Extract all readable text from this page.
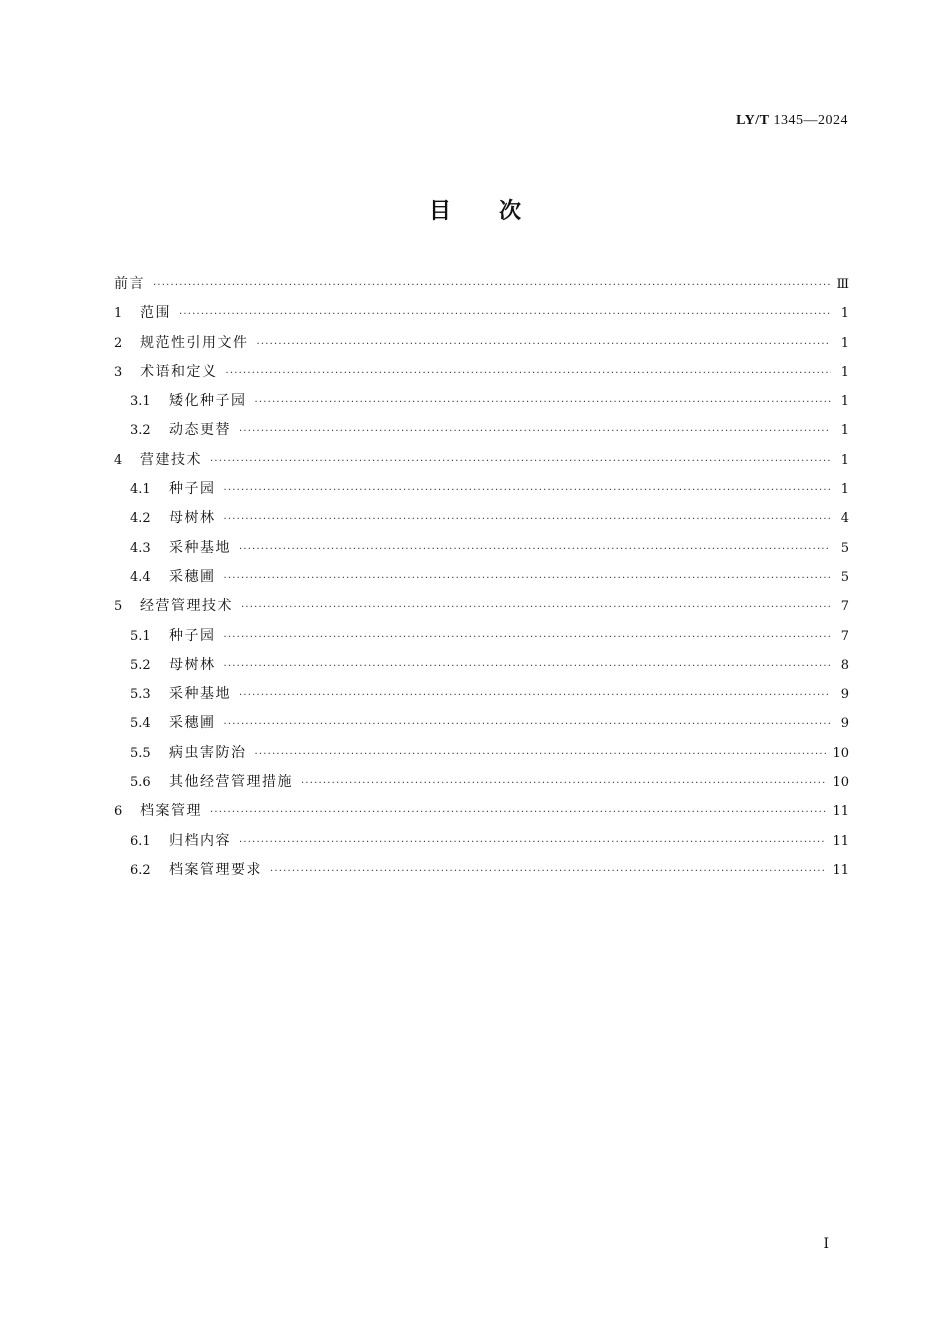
LY/T 1345—2024
目次
前言 ·····	Ⅲ
1	范围 ·····	1
2	规范性引用文件 ·····	1
3	术语和定义 ·····	1
3.1	矮化种子园 ·····	1
3.2	动态更替 ·····	1
4	营建技术 ·····	1
4.1	种子园 ·····	1
4.2	母树林 ·····	4
4.3	采种基地 ·····	5
4.4	采穗圃 ·····	5
5	经营管理技术 ·····	7
5.1	种子园 ·····	7
5.2	母树林 ·····	8
5.3	采种基地 ·····	9
5.4	采穗圃 ·····	9
5.5	病虫害防治 ·····	10
5.6	其他经营管理措施 ·····	10
6	档案管理 ·····	11
6.1	归档内容 ·····	11
6.2	档案管理要求 ·····	11
I
